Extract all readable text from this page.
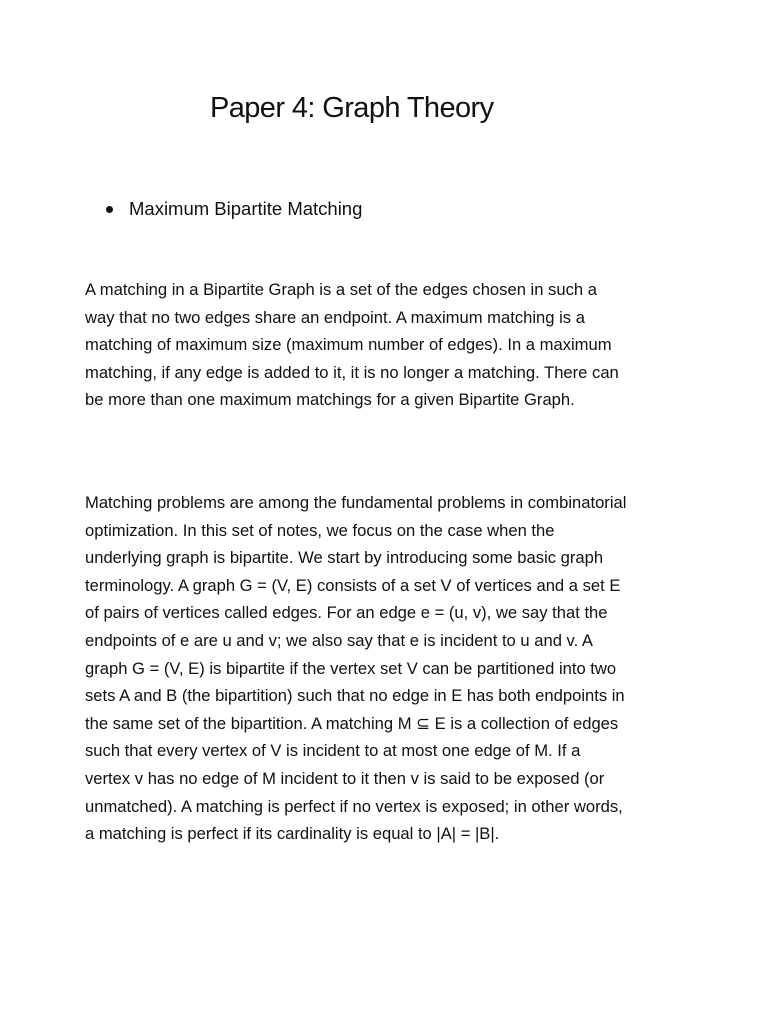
Paper 4: Graph Theory
Maximum Bipartite Matching

A matching in a Bipartite Graph is a set of the edges chosen in such a way that no two edges share an endpoint. A maximum matching is a matching of maximum size (maximum number of edges). In a maximum matching, if any edge is added to it, it is no longer a matching. There can be more than one maximum matchings for a given Bipartite Graph.

Matching problems are among the fundamental problems in combinatorial optimization. In this set of notes, we focus on the case when the underlying graph is bipartite. We start by introducing some basic graph terminology. A graph G = (V, E) consists of a set V of vertices and a set E of pairs of vertices called edges. For an edge e = (u, v), we say that the endpoints of e are u and v; we also say that e is incident to u and v. A graph G = (V, E) is bipartite if the vertex set V can be partitioned into two sets A and B (the bipartition) such that no edge in E has both endpoints in the same set of the bipartition. A matching M ⊆ E is a collection of edges such that every vertex of V is incident to at most one edge of M. If a vertex v has no edge of M incident to it then v is said to be exposed (or unmatched). A matching is perfect if no vertex is exposed; in other words, a matching is perfect if its cardinality is equal to |A| = |B|.
